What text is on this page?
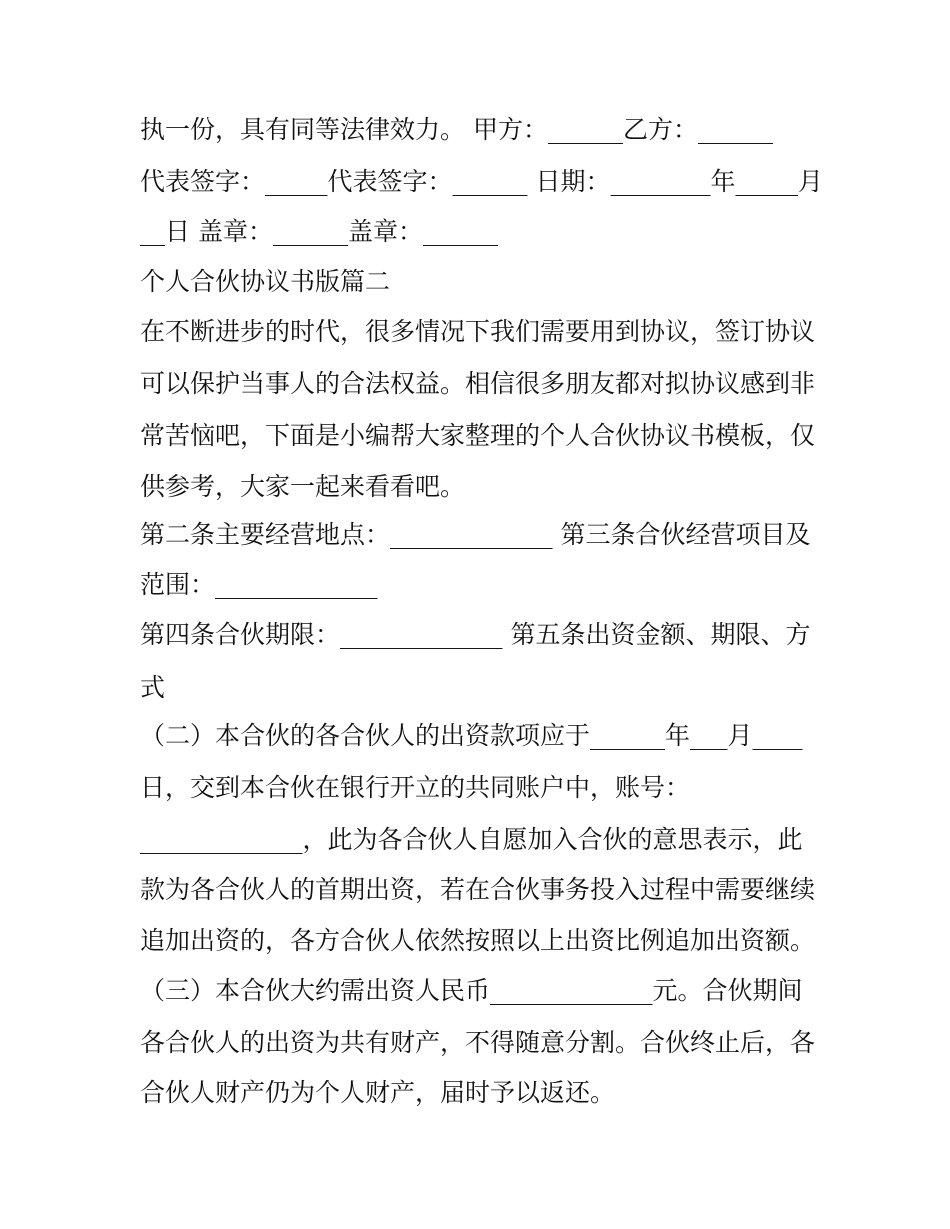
执一份，具有同等法律效力。 甲方：______乙方：______
代表签字：_____代表签字：______ 日期：________年_____月
__日 盖章：______盖章：______
个人合伙协议书版篇二
在不断进步的时代，很多情况下我们需要用到协议，签订协议
可以保护当事人的合法权益。相信很多朋友都对拟协议感到非
常苦恼吧，下面是小编帮大家整理的个人合伙协议书模板，仅
供参考，大家一起来看看吧。
第二条主要经营地点：_____________ 第三条合伙经营项目及
范围：_____________
第四条合伙期限：_____________ 第五条出资金额、期限、方
式
（二）本合伙的各合伙人的出资款项应于______年___月____
日，交到本合伙在银行开立的共同账户中，账号：
_____________，此为各合伙人自愿加入合伙的意思表示，此
款为各合伙人的首期出资，若在合伙事务投入过程中需要继续
追加出资的，各方合伙人依然按照以上出资比例追加出资额。
（三）本合伙大约需出资人民币_____________元。合伙期间
各合伙人的出资为共有财产，不得随意分割。合伙终止后，各
合伙人财产仍为个人财产，届时予以返还。
